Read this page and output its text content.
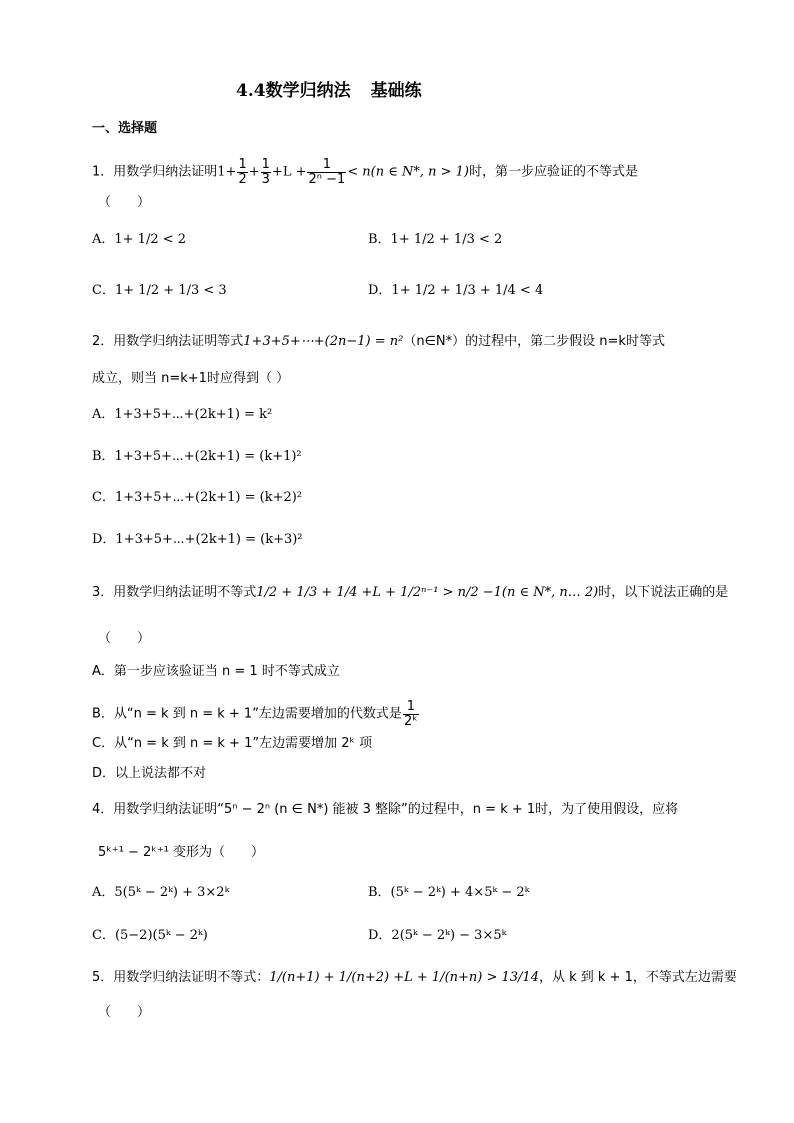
4.4数学归纳法 基础练
一、选择题
1．用数学归纳法证明$1+ \frac{1}{2} + \frac{1}{3} +L + \frac{1}{\text{2ⁿ −1}} < n(n$ ∈ N*, n > 1)时，第一步应验证的不等式是
（　　）
A．1+ 1/2 < 2	B．1+ 1/2 + 1/3 < 2
C．1+ 1/2 + 1/3 < 3	D．1+ 1/2 + 1/3 + 1/4 < 4
2．用数学归纳法证明等式1+3+5+⋯+(2n−1) = n²（n∈N*）的过程中，第二步假设 n=k时等式
成立，则当 n=k+1时应得到（ ）
A．1+3+5+⋯+(2k+1) = k²
B．1+3+5+⋯+(2k+1) = (k+1)²
C．1+3+5+⋯+(2k+1) = (k+2)²
D．1+3+5+⋯+(2k+1) = (k+3)²
3．用数学归纳法证明不等式1/2 + 1/3 + 1/4 +L + 1/2ⁿ⁻¹ > n/2 −1(n ∈ N*, n… 2)时，以下说法正确的是
（　　）
A．第一步应该验证当 n = 1 时不等式成立
B．从“n = k 到 n = k + 1”左边需要增加的代数式是 $\frac{1}{\text{2ᵏ}}$
C．从“n = k 到 n = k + 1”左边需要增加 2ᵏ 项
D．以上说法都不对
4．用数学归纳法证明“5ⁿ − 2ⁿ (n ∈ N*) 能被 3 整除”的过程中，n = k + 1时，为了使用假设，应将
5ᵏ⁺¹ − 2ᵏ⁺¹ 变形为（　　）
A．5(5ᵏ − 2ᵏ) + 3×2ᵏ	B．(5ᵏ − 2ᵏ) + 4×5ᵏ − 2ᵏ
C．(5−2)(5ᵏ − 2ᵏ)	D．2(5ᵏ − 2ᵏ) − 3×5ᵏ
5．用数学归纳法证明不等式：1/(n+1) + 1/(n+2) +L + 1/(n+n) > 13/14，从 k 到 k + 1，不等式左边需要
（　　）
